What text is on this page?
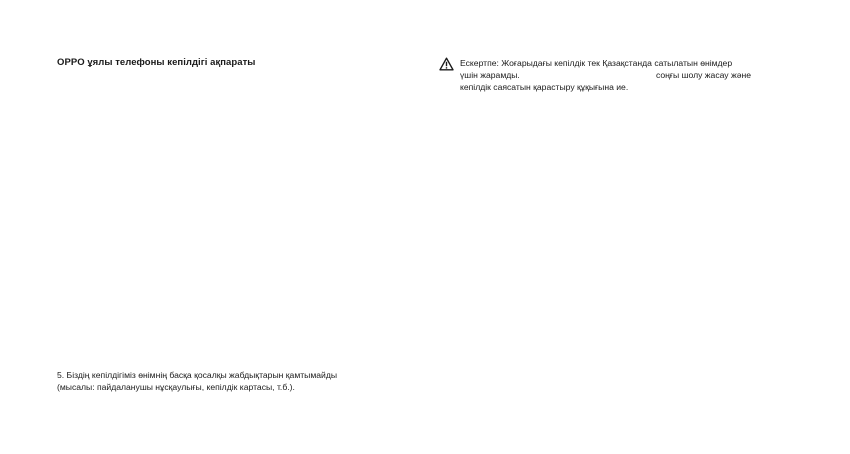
OPPO ұялы телефоны кепілдігі ақпараты
5. Біздің кепілдігіміз өнімнің басқа қосалқы жабдықтарын қамтымайды
(мысалы: пайдаланушы нұсқаулығы, кепілдік картасы, т.б.).
Ескертпе: Жоғарыдағы кепілдік тек Қазақстанда сатылатын өнімдер
үшін жарамды.	соңғы шолу жасау және
кепілдік саясатын қарастыру құқығына ие.
